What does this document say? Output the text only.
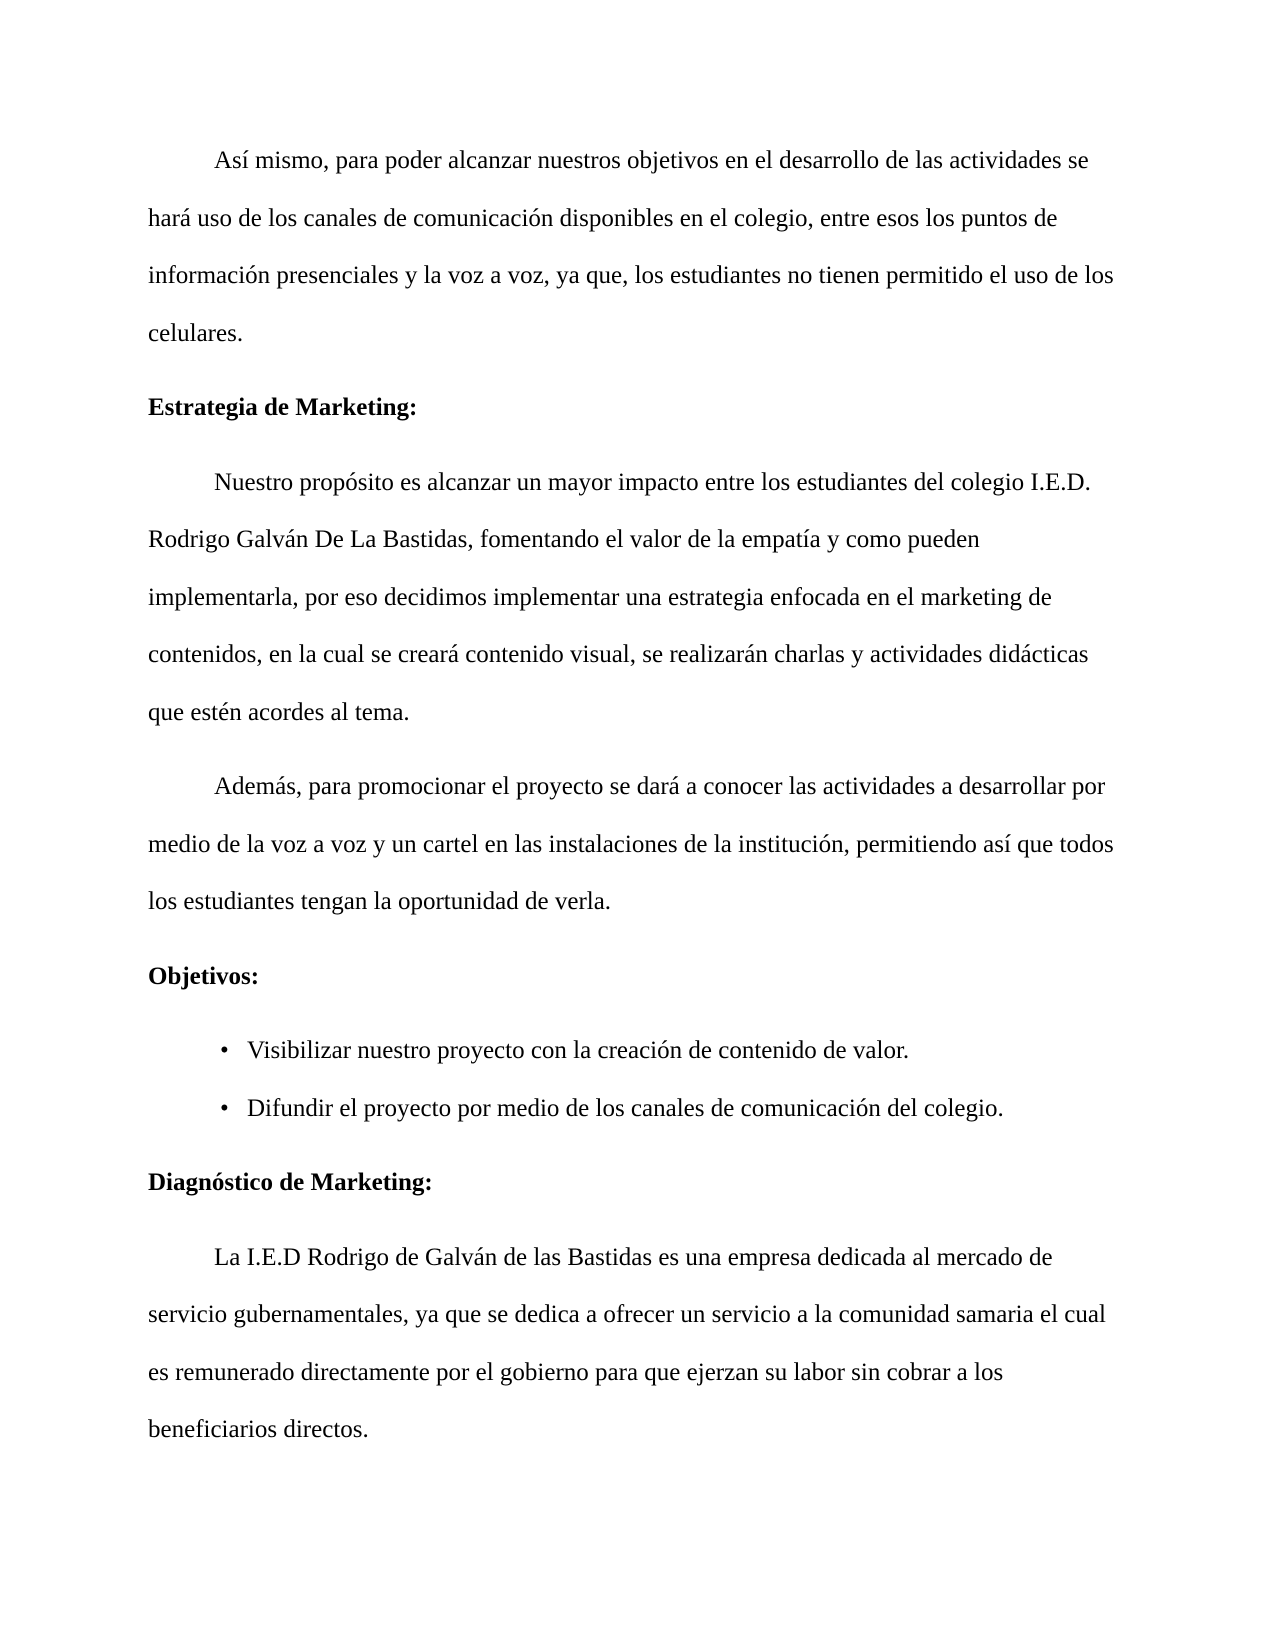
Así mismo, para poder alcanzar nuestros objetivos en el desarrollo de las actividades se hará uso de los canales de comunicación disponibles en el colegio, entre esos los puntos de información presenciales y la voz a voz, ya que, los estudiantes no tienen permitido el uso de los celulares.

Estrategia de Marketing:

Nuestro propósito es alcanzar un mayor impacto entre los estudiantes del colegio I.E.D. Rodrigo Galván De La Bastidas, fomentando el valor de la empatía y como pueden implementarla, por eso decidimos implementar una estrategia enfocada en el marketing de contenidos, en la cual se creará contenido visual, se realizarán charlas y actividades didácticas que estén acordes al tema.

Además, para promocionar el proyecto se dará a conocer las actividades a desarrollar por medio de la voz a voz y un cartel en las instalaciones de la institución, permitiendo así que todos los estudiantes tengan la oportunidad de verla.

Objetivos:
• Visibilizar nuestro proyecto con la creación de contenido de valor.
• Difundir el proyecto por medio de los canales de comunicación del colegio.
Diagnóstico de Marketing:

La I.E.D Rodrigo de Galván de las Bastidas es una empresa dedicada al mercado de servicio gubernamentales, ya que se dedica a ofrecer un servicio a la comunidad samaria el cual es remunerado directamente por el gobierno para que ejerzan su labor sin cobrar a los beneficiarios directos.
